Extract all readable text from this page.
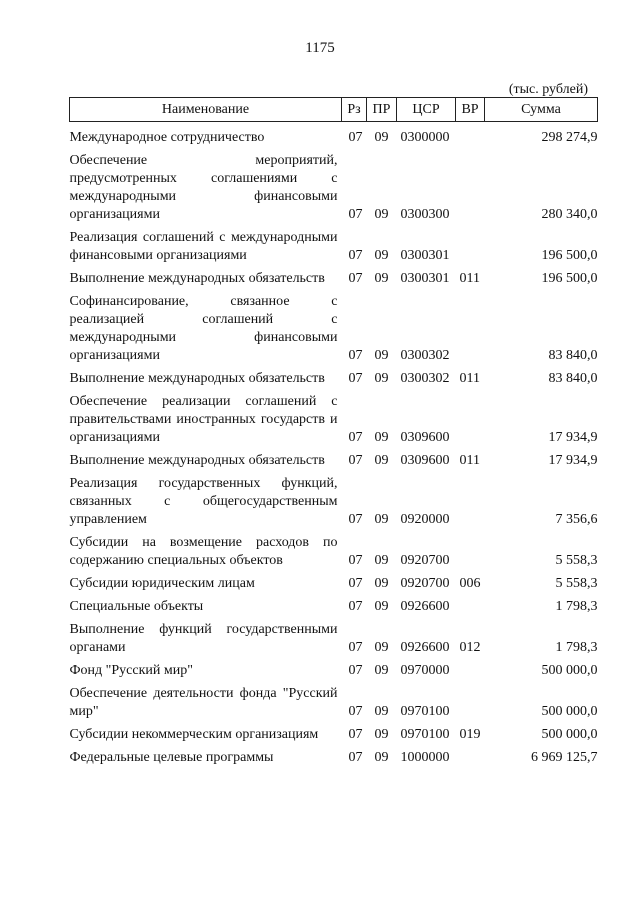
1175
(тыс. рублей)
Наименование	Рз	ПР	ЦСР	ВР	Сумма
Международное сотрудничество	07	09	0300000		298 274,9
Обеспечение мероприятий, предусмотренных соглашениями с международными финансовыми организациями	07	09	0300300		280 340,0
Реализация соглашений с международными финансовыми организациями	07	09	0300301		196 500,0
Выполнение международных обязательств	07	09	0300301	011	196 500,0
Софинансирование, связанное с реализацией соглашений с международными финансовыми организациями	07	09	0300302		83 840,0
Выполнение международных обязательств	07	09	0300302	011	83 840,0
Обеспечение реализации соглашений с правительствами иностранных государств и организациями	07	09	0309600		17 934,9
Выполнение международных обязательств	07	09	0309600	011	17 934,9
Реализация государственных функций, связанных с общегосударственным управлением	07	09	0920000		7 356,6
Субсидии на возмещение расходов по содержанию специальных объектов	07	09	0920700		5 558,3
Субсидии юридическим лицам	07	09	0920700	006	5 558,3
Специальные объекты	07	09	0926600		1 798,3
Выполнение функций государственными органами	07	09	0926600	012	1 798,3
Фонд "Русский мир"	07	09	0970000		500 000,0
Обеспечение деятельности фонда "Русский мир"	07	09	0970100		500 000,0
Субсидии некоммерческим организациям	07	09	0970100	019	500 000,0
Федеральные целевые программы	07	09	1000000		6 969 125,7
